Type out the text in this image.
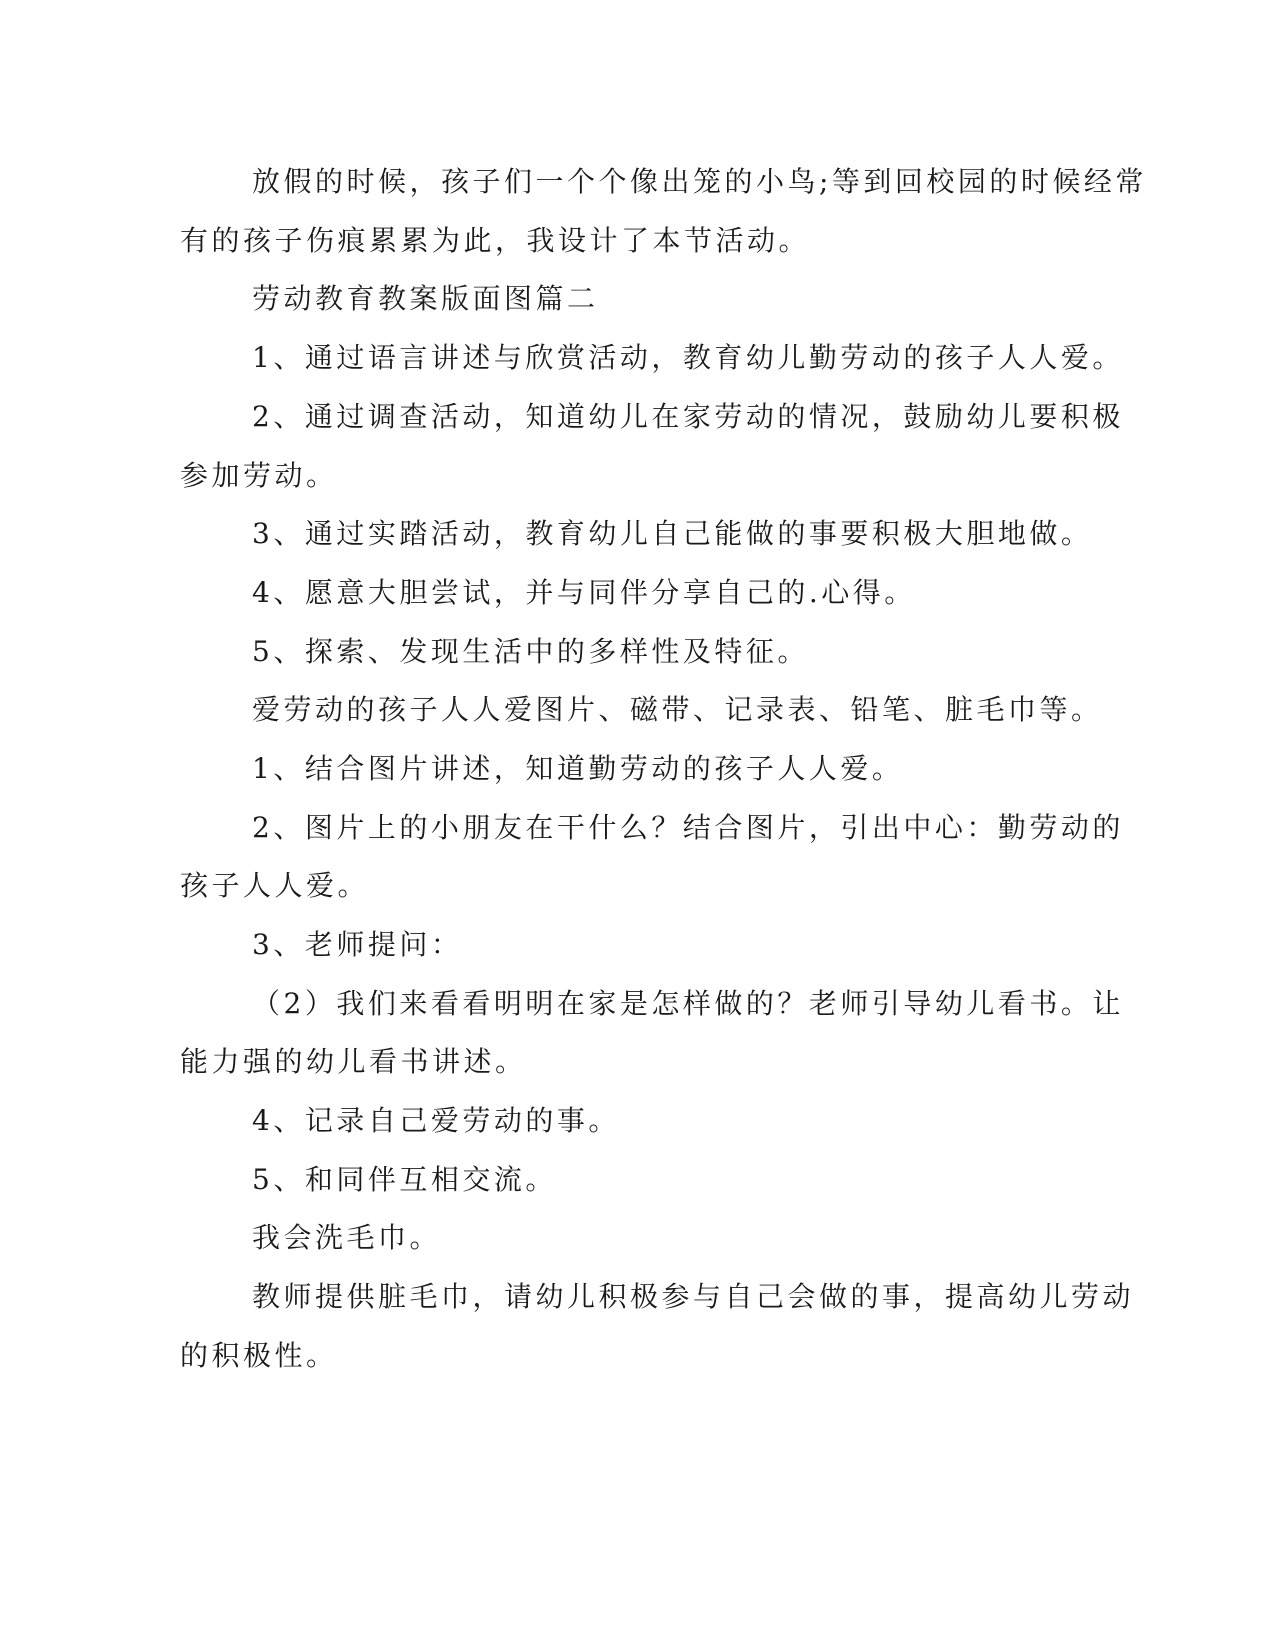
放假的时候，孩子们一个个像出笼的小鸟;等到回校园的时候经常
有的孩子伤痕累累为此，我设计了本节活动。
劳动教育教案版面图篇二
1、通过语言讲述与欣赏活动，教育幼儿勤劳动的孩子人人爱。
2、通过调查活动，知道幼儿在家劳动的情况，鼓励幼儿要积极
参加劳动。
3、通过实踏活动，教育幼儿自己能做的事要积极大胆地做。
4、愿意大胆尝试，并与同伴分享自己的.心得。
5、探索、发现生活中的多样性及特征。
爱劳动的孩子人人爱图片、磁带、记录表、铅笔、脏毛巾等。
1、结合图片讲述，知道勤劳动的孩子人人爱。
2、图片上的小朋友在干什么？结合图片，引出中心：勤劳动的
孩子人人爱。
3、老师提问：
（2）我们来看看明明在家是怎样做的？老师引导幼儿看书。让
能力强的幼儿看书讲述。
4、记录自己爱劳动的事。
5、和同伴互相交流。
我会洗毛巾。
教师提供脏毛巾，请幼儿积极参与自己会做的事，提高幼儿劳动
的积极性。
